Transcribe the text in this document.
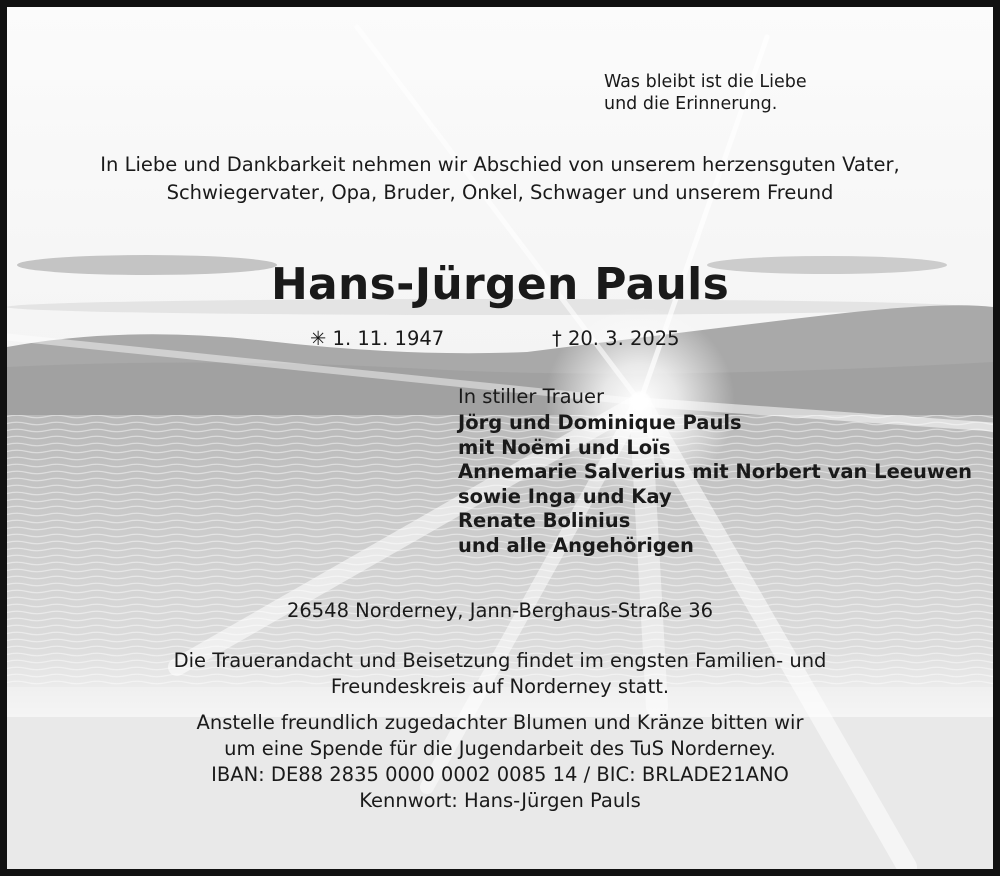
Was bleibt ist die Liebe
und die Erinnerung.
In Liebe und Dankbarkeit nehmen wir Abschied von unserem herzensguten Vater,
Schwiegervater, Opa, Bruder, Onkel, Schwager und unserem Freund
Hans-Jürgen Pauls
✳ 1. 11. 1947	† 20. 3. 2025
In stiller Trauer
Jörg und Dominique Pauls
mit Noëmi und Loïs
Annemarie Salverius mit Norbert van Leeuwen
sowie Inga und Kay
Renate Bolinius
und alle Angehörigen
26548 Norderney, Jann-Berghaus-Straße 36
Die Trauerandacht und Beisetzung findet im engsten Familien- und
Freundeskreis auf Norderney statt.
Anstelle freundlich zugedachter Blumen und Kränze bitten wir
um eine Spende für die Jugendarbeit des TuS Norderney.
IBAN: DE88 2835 0000 0002 0085 14 / BIC: BRLADE21ANO
Kennwort: Hans-Jürgen Pauls
